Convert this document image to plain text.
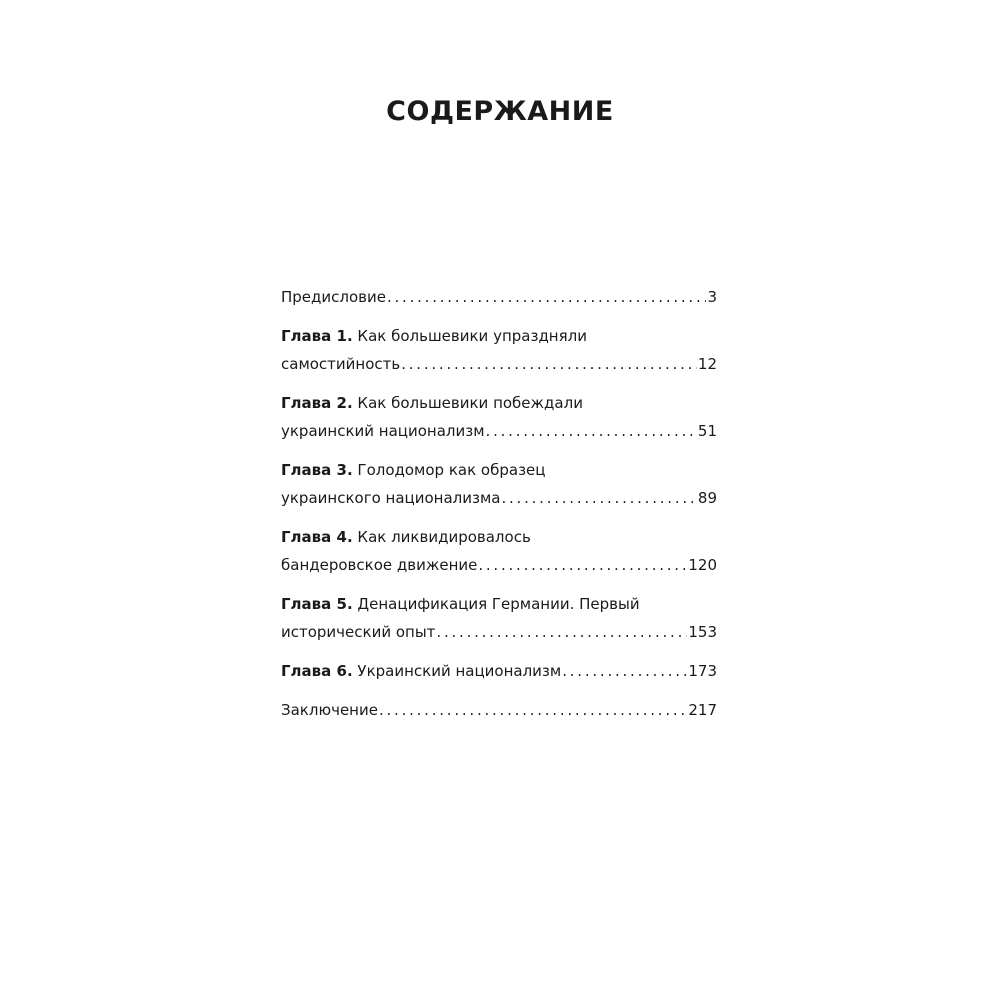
СОДЕРЖАНИЕ
Предисловие . . .	3
Глава 1. Как большевики упраздняли
самостийность . . .	12
Глава 2. Как большевики побеждали
украинский национализм . . .	51
Глава 3. Голодомор как образец
украинского национализма . . .	89
Глава 4. Как ликвидировалось
бандеровское движение . . .	120
Глава 5. Денацификация Германии. Первый
исторический опыт . . .	153
Глава 6. Украинский национализм . . .	173
Заключение . . .	217
